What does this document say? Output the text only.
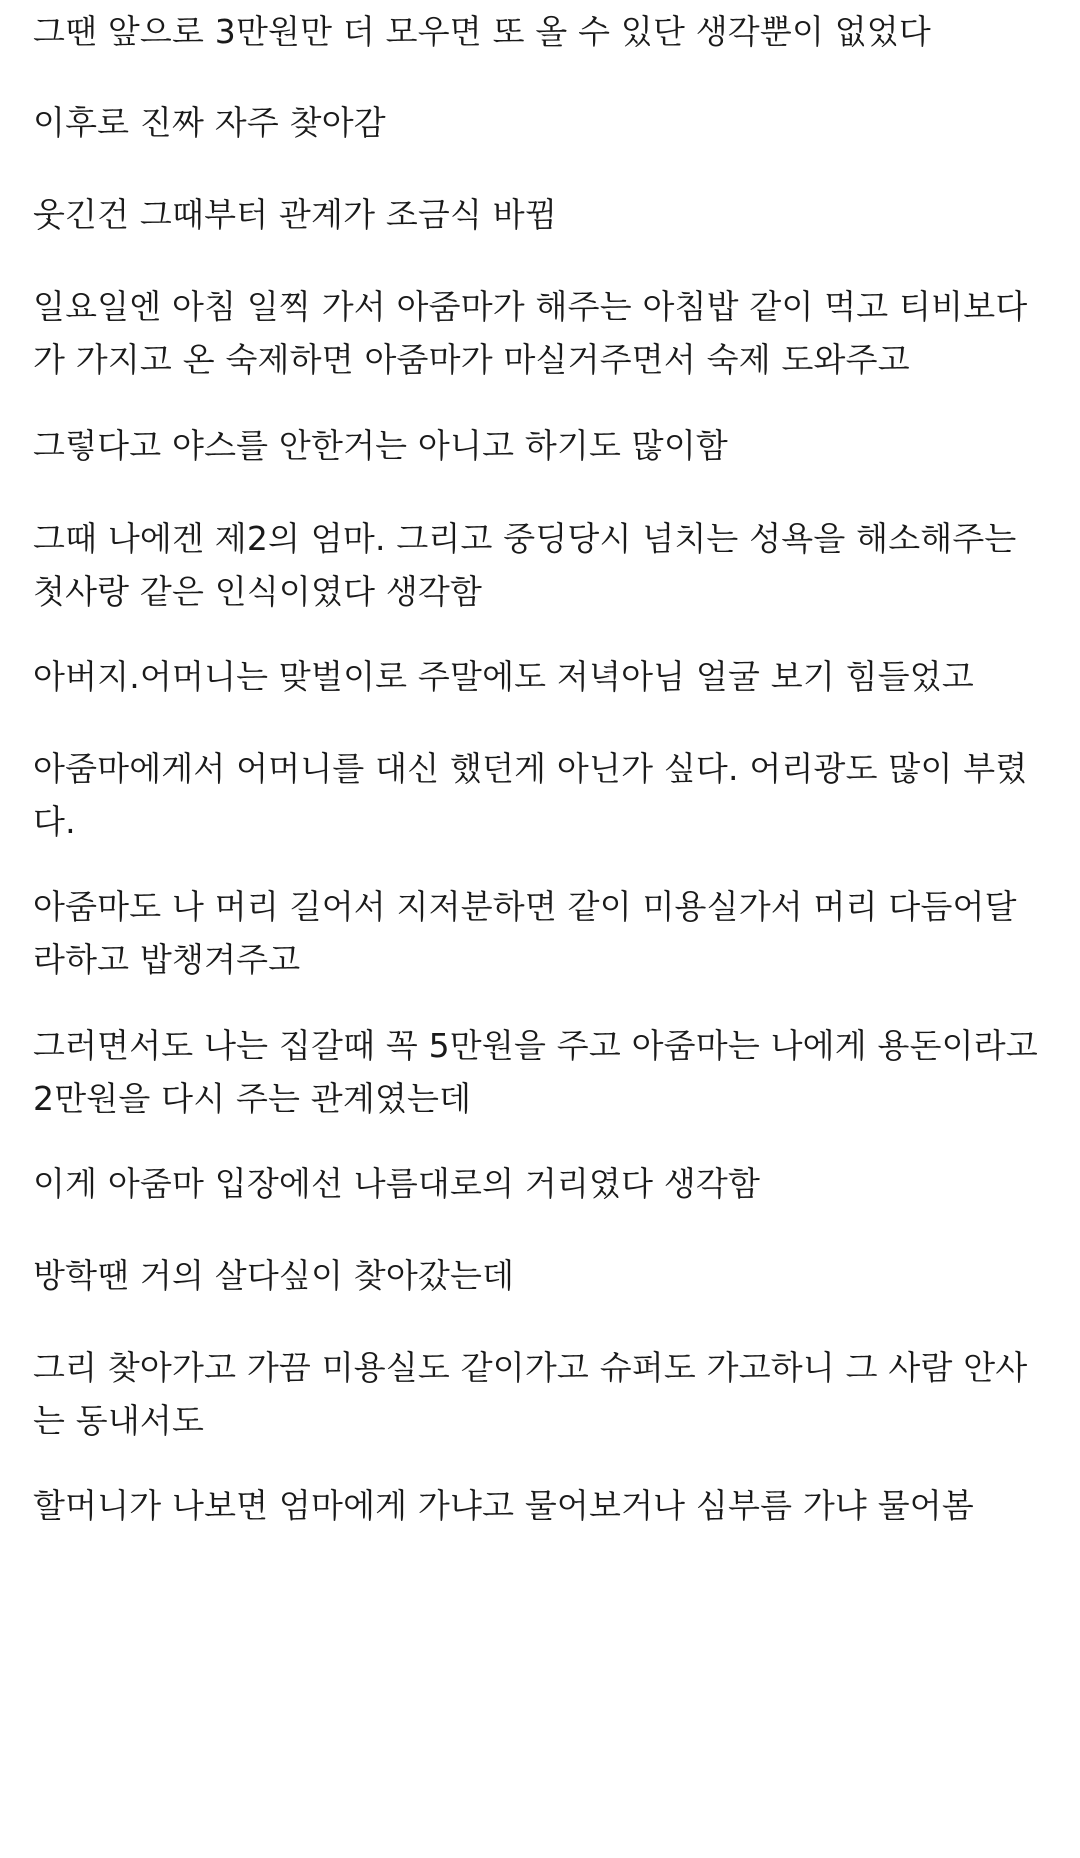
그땐 앞으로 3만원만 더 모우면 또 올 수 있단 생각뿐이 없었다
이후로 진짜 자주 찾아감
웃긴건 그때부터 관계가 조금식 바뀜
일요일엔 아침 일찍 가서 아줌마가 해주는 아침밥 같이 먹고 티비보다
가 가지고 온 숙제하면 아줌마가 마실거주면서 숙제 도와주고
그렇다고 야스를 안한거는 아니고 하기도 많이함
그때 나에겐 제2의 엄마. 그리고 중딩당시 넘치는 성욕을 해소해주는
첫사랑 같은 인식이였다 생각함
아버지.어머니는 맞벌이로 주말에도 저녁아님 얼굴 보기 힘들었고
아줌마에게서 어머니를 대신 했던게 아닌가 싶다. 어리광도 많이 부렸
다.
아줌마도 나 머리 길어서 지저분하면 같이 미용실가서 머리 다듬어달
라하고 밥챙겨주고
그러면서도 나는 집갈때 꼭 5만원을 주고 아줌마는 나에게 용돈이라고
2만원을 다시 주는 관계였는데
이게 아줌마 입장에선 나름대로의 거리였다 생각함
방학땐 거의 살다싶이 찾아갔는데
그리 찾아가고 가끔 미용실도 같이가고 슈퍼도 가고하니 그 사람 안사
는 동내서도
할머니가 나보면 엄마에게 가냐고 물어보거나 심부름 가냐 물어봄
